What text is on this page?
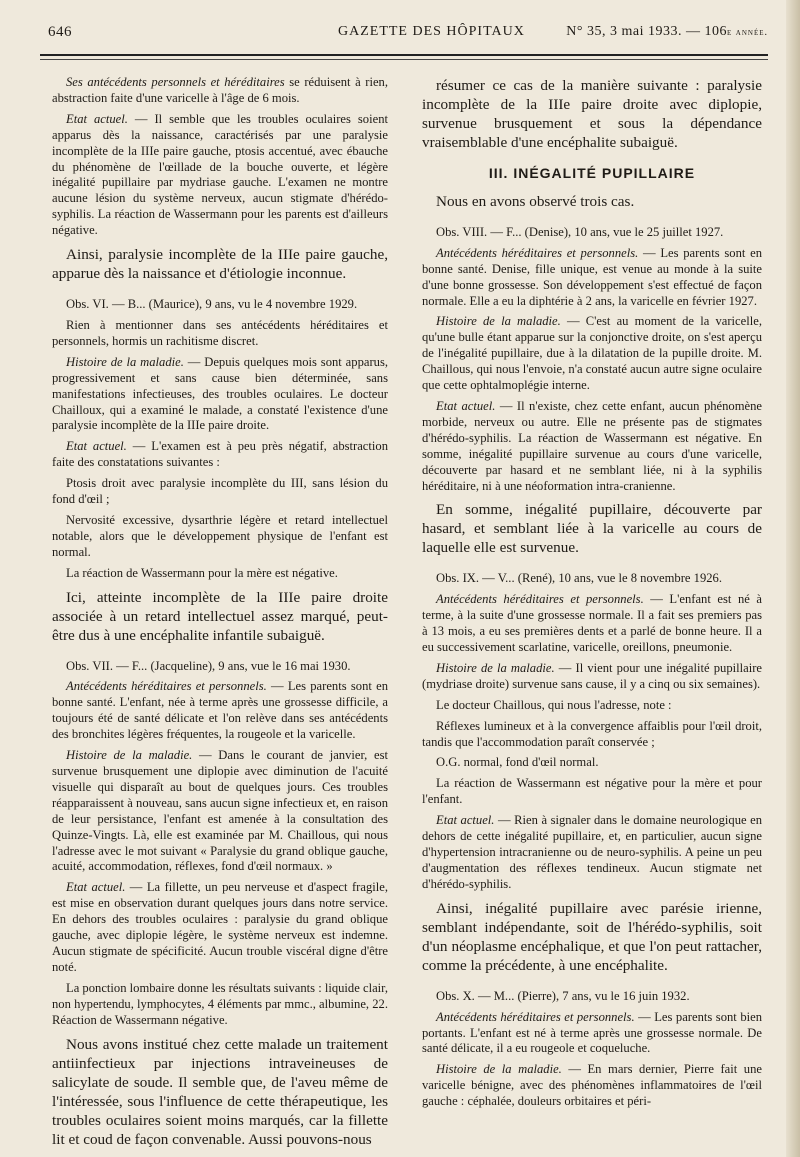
646	GAZETTE DES HÔPITAUX	N° 35, 3 mai 1933. — 106e année.

Ses antécédents personnels et héréditaires se réduisent à rien, abstraction faite d'une varicelle à l'âge de 6 mois.

Etat actuel. — Il semble que les troubles oculaires soient apparus dès la naissance, caractérisés par une paralysie incomplète de la IIIe paire gauche, ptosis accentué, avec ébauche du phénomène de l'œillade de la bouche ouverte, et légère inégalité pupillaire par mydriase gauche. L'examen ne montre aucune lésion du système nerveux, aucun stigmate d'hérédo-syphilis. La réaction de Wassermann pour les parents est d'ailleurs négative.

Ainsi, paralysie incomplète de la IIIe paire gauche, apparue dès la naissance et d'étiologie inconnue.

Obs. VI. — B... (Maurice), 9 ans, vu le 4 novembre 1929.

Rien à mentionner dans ses antécédents héréditaires et personnels, hormis un rachitisme discret.

Histoire de la maladie. — Depuis quelques mois sont apparus, progressivement et sans cause bien déterminée, sans manifestations infectieuses, des troubles oculaires. Le docteur Chailloux, qui a examiné le malade, a constaté l'existence d'une paralysie incomplète de la IIIe paire droite.

Etat actuel. — L'examen est à peu près négatif, abstraction faite des constatations suivantes :

Ptosis droit avec paralysie incomplète du III, sans lésion du fond d'œil ;

Nervosité excessive, dysarthrie légère et retard intellectuel notable, alors que le développement physique de l'enfant est normal.

La réaction de Wassermann pour la mère est négative.

Ici, atteinte incomplète de la IIIe paire droite associée à un retard intellectuel assez marqué, peut-être dus à une encéphalite infantile subaiguë.

Obs. VII. — F... (Jacqueline), 9 ans, vue le 16 mai 1930.

Antécédents héréditaires et personnels. — Les parents sont en bonne santé. L'enfant, née à terme après une grossesse difficile, a toujours été de santé délicate et l'on relève dans ses antécédents des bronchites légères fréquentes, la rougeole et la varicelle.

Histoire de la maladie. — Dans le courant de janvier, est survenue brusquement une diplopie avec diminution de l'acuité visuelle qui disparaît au bout de quelques jours. Ces troubles réapparaissent à nouveau, sans aucun signe infectieux et, en raison de leur persistance, l'enfant est amenée à la consultation des Quinze-Vingts. Là, elle est examinée par M. Chaillous, qui nous l'adresse avec le mot suivant « Paralysie du grand oblique gauche, acuité, accommodation, réflexes, fond d'œil normaux. »

Etat actuel. — La fillette, un peu nerveuse et d'aspect fragile, est mise en observation durant quelques jours dans notre service. En dehors des troubles oculaires : paralysie du grand oblique gauche, avec diplopie légère, le système nerveux est indemne. Aucun stigmate de spécificité. Aucun trouble viscéral digne d'être noté.

La ponction lombaire donne les résultats suivants : liquide clair, non hypertendu, lymphocytes, 4 éléments par mmc., albumine, 22. Réaction de Wassermann négative.

Nous avons institué chez cette malade un traitement antiinfectieux par injections intraveineuses de salicylate de soude. Il semble que, de l'aveu même de l'intéressée, sous l'influence de cette thérapeutique, les troubles oculaires soient moins marqués, car la fillette lit et coud de façon convenable. Aussi pouvons-nous

résumer ce cas de la manière suivante : paralysie incomplète de la IIIe paire droite avec diplopie, survenue brusquement et sous la dépendance vraisemblable d'une encéphalite subaiguë.

III. INÉGALITÉ PUPILLAIRE

Nous en avons observé trois cas.

Obs. VIII. — F... (Denise), 10 ans, vue le 25 juillet 1927.

Antécédents héréditaires et personnels. — Les parents sont en bonne santé. Denise, fille unique, est venue au monde à la suite d'une bonne grossesse. Son développement s'est effectué de façon normale. Elle a eu la diphtérie à 2 ans, la varicelle en février 1927.

Histoire de la maladie. — C'est au moment de la varicelle, qu'une bulle étant apparue sur la conjonctive droite, on s'est aperçu de l'inégalité pupillaire, due à la dilatation de la pupille droite. M. Chaillous, qui nous l'envoie, n'a constaté aucun autre signe oculaire que cette ophtalmoplégie interne.

Etat actuel. — Il n'existe, chez cette enfant, aucun phénomène morbide, nerveux ou autre. Elle ne présente pas de stigmates d'hérédo-syphilis. La réaction de Wassermann est négative. En somme, inégalité pupillaire survenue au cours d'une varicelle, découverte par hasard et ne semblant liée, ni à la syphilis héréditaire, ni à une néoformation intra-cranienne.

En somme, inégalité pupillaire, découverte par hasard, et semblant liée à la varicelle au cours de laquelle elle est survenue.

Obs. IX. — V... (René), 10 ans, vue le 8 novembre 1926.

Antécédents héréditaires et personnels. — L'enfant est né à terme, à la suite d'une grossesse normale. Il a fait ses premiers pas à 13 mois, a eu ses premières dents et a parlé de bonne heure. Il a eu successivement scarlatine, varicelle, oreillons, pneumonie.

Histoire de la maladie. — Il vient pour une inégalité pupillaire (mydriase droite) survenue sans cause, il y a cinq ou six semaines).

Le docteur Chaillous, qui nous l'adresse, note :

Réflexes lumineux et à la convergence affaiblis pour l'œil droit, tandis que l'accommodation paraît conservée ;

O.G. normal, fond d'œil normal.

La réaction de Wassermann est négative pour la mère et pour l'enfant.

Etat actuel. — Rien à signaler dans le domaine neurologique en dehors de cette inégalité pupillaire, et, en particulier, aucun signe d'hypertension intracranienne ou de neuro-syphilis. A peine un peu d'augmentation des réflexes tendineux. Aucun stigmate net d'hérédo-syphilis.

Ainsi, inégalité pupillaire avec parésie irienne, semblant indépendante, soit de l'hérédo-syphilis, soit d'un néoplasme encéphalique, et que l'on peut rattacher, comme la précédente, à une encéphalite.

Obs. X. — M... (Pierre), 7 ans, vu le 16 juin 1932.

Antécédents héréditaires et personnels. — Les parents sont bien portants. L'enfant est né à terme après une grossesse normale. De santé délicate, il a eu rougeole et coqueluche.

Histoire de la maladie. — En mars dernier, Pierre fait une varicelle bénigne, avec des phénomènes inflammatoires de l'œil gauche : céphalée, douleurs orbitaires et péri-
